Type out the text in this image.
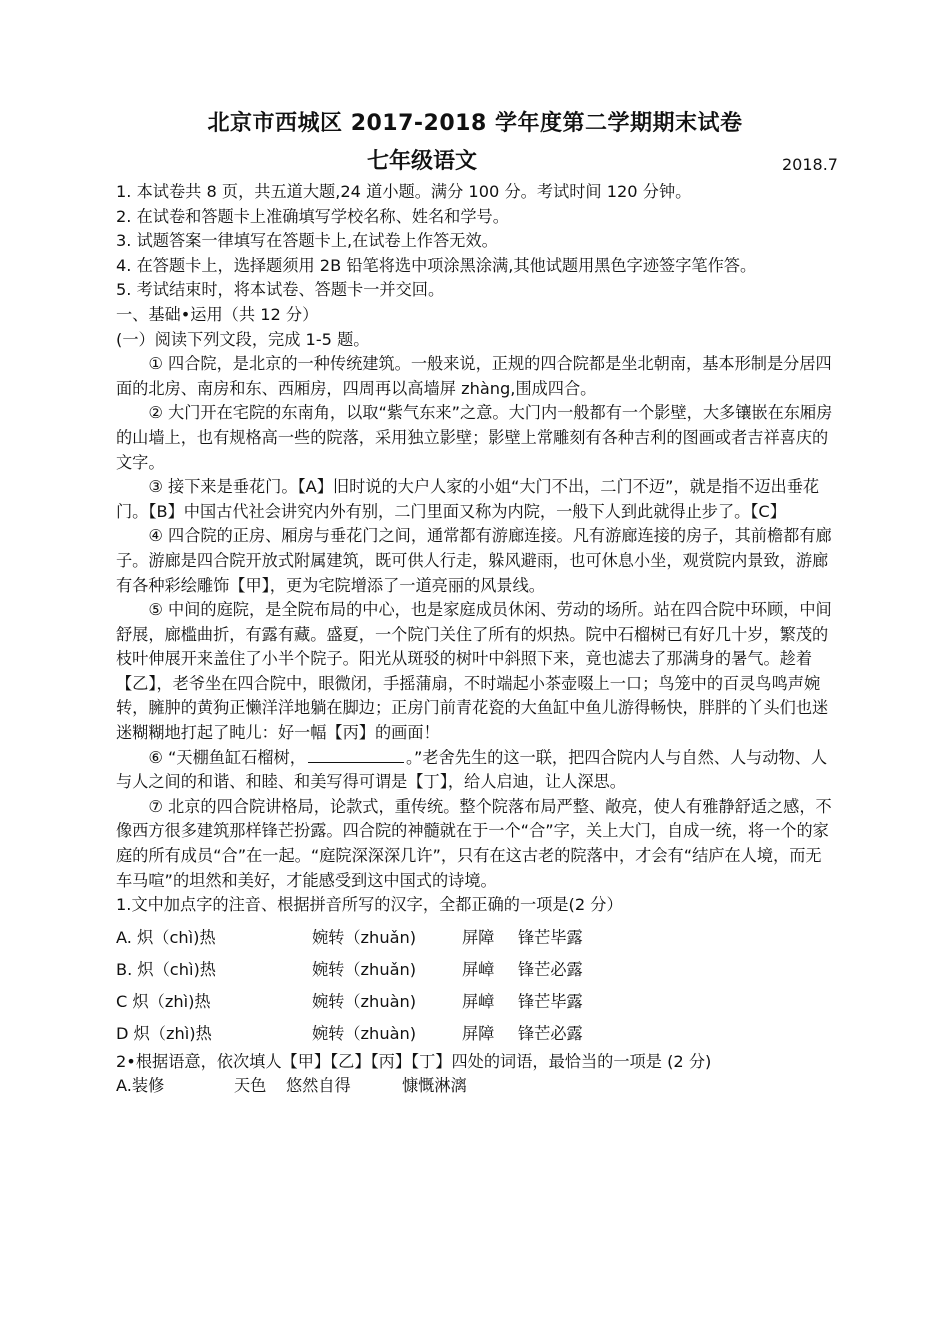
北京市西城区 2017-2018 学年度第二学期期末试卷
七年级语文	2018.7

1. 本试卷共 8 页，共五道大题,24 道小题。满分 100 分。考试时间 120 分钟。

2. 在试卷和答题卡上准确填写学校名称、姓名和学号。

3. 试题答案一律填写在答题卡上,在试卷上作答无效。

4. 在答题卡上，选择题须用 2B 铅笔将选中项涂黑涂满,其他试题用黑色字迹签字笔作答。

5. 考试结束时，将本试卷、答题卡一并交回。

一、基础•运用（共 12 分）

(一）阅读下列文段，完成 1-5 题。

① 四合院，是北京的一种传统建筑。一般来说，正规的四合院都是坐北朝南，基本形制是分居四面的北房、南房和东、西厢房，四周再以高墙屏 zhàng,围成四合。

② 大门开在宅院的东南角，以取“紫气东来”之意。大门内一般都有一个影壁，大多镶嵌在东厢房的山墙上，也有规格高一些的院落，采用独立影壁；影壁上常雕刻有各种吉利的图画或者吉祥喜庆的文字。

③ 接下来是垂花门。【A】旧时说的大户人家的小姐“大门不出，二门不迈”，就是指不迈出垂花门。【B】中国古代社会讲究内外有别，二门里面又称为内院，一般下人到此就得止步了。【C】

④ 四合院的正房、厢房与垂花门之间，通常都有游廊连接。凡有游廊连接的房子，其前檐都有廊子。游廊是四合院开放式附属建筑，既可供人行走，躲风避雨，也可休息小坐，观赏院内景致，游廊有各种彩绘雕饰【甲】，更为宅院增添了一道亮丽的风景线。

⑤ 中间的庭院，是全院布局的中心，也是家庭成员休闲、劳动的场所。站在四合院中环顾，中间舒展，廊槛曲折，有露有藏。盛夏，一个院门关住了所有的炽热。院中石榴树已有好几十岁，繁茂的枝叶伸展开来盖住了小半个院子。阳光从斑驳的树叶中斜照下来，竟也滤去了那满身的暑气。趁着【乙】，老爷坐在四合院中，眼微闭，手摇蒲扇，不时端起小茶壶啜上一口；鸟笼中的百灵鸟鸣声婉转，臃肿的黄狗正懒洋洋地躺在脚边；正房门前青花瓷的大鱼缸中鱼儿游得畅快，胖胖的丫头们也迷迷糊糊地打起了盹儿：好一幅【丙】的画面！

⑥ “天棚鱼缸石榴树，	。”老舍先生的这一联，把四合院内人与自然、人与动物、人与人之间的和谐、和睦、和美写得可谓是【丁】，给人启迪，让人深思。

⑦ 北京的四合院讲格局，论款式，重传统。整个院落布局严整、敞亮，使人有雅静舒适之感，不像西方很多建筑那样锋芒扮露。四合院的神髓就在于一个“合”字，关上大门，自成一统，将一个的家庭的所有成员“合”在一起。“庭院深深深几许”，只有在这古老的院落中，才会有“结庐在人境，而无车马喧”的坦然和美好，才能感受到这中国式的诗境。

1.文中加点字的注音、根据拼音所写的汉字，全都正确的一项是(2 分）

A. 炽（chì)热	婉转（zhuǎn)	屏障	锋芒毕露
B. 炽（chì)热	婉转（zhuǎn)	屏嶂	锋芒必露
C 炽（zhì)热	婉转（zhuàn)	屏嶂	锋芒毕露
D 炽（zhì)热	婉转（zhuàn)	屏障	锋芒必露

2•根据语意，依次填人【甲】【乙】【丙】【丁】四处的词语，最恰当的一项是 (2 分)

A.装修	天色	悠然自得	慷慨淋漓
